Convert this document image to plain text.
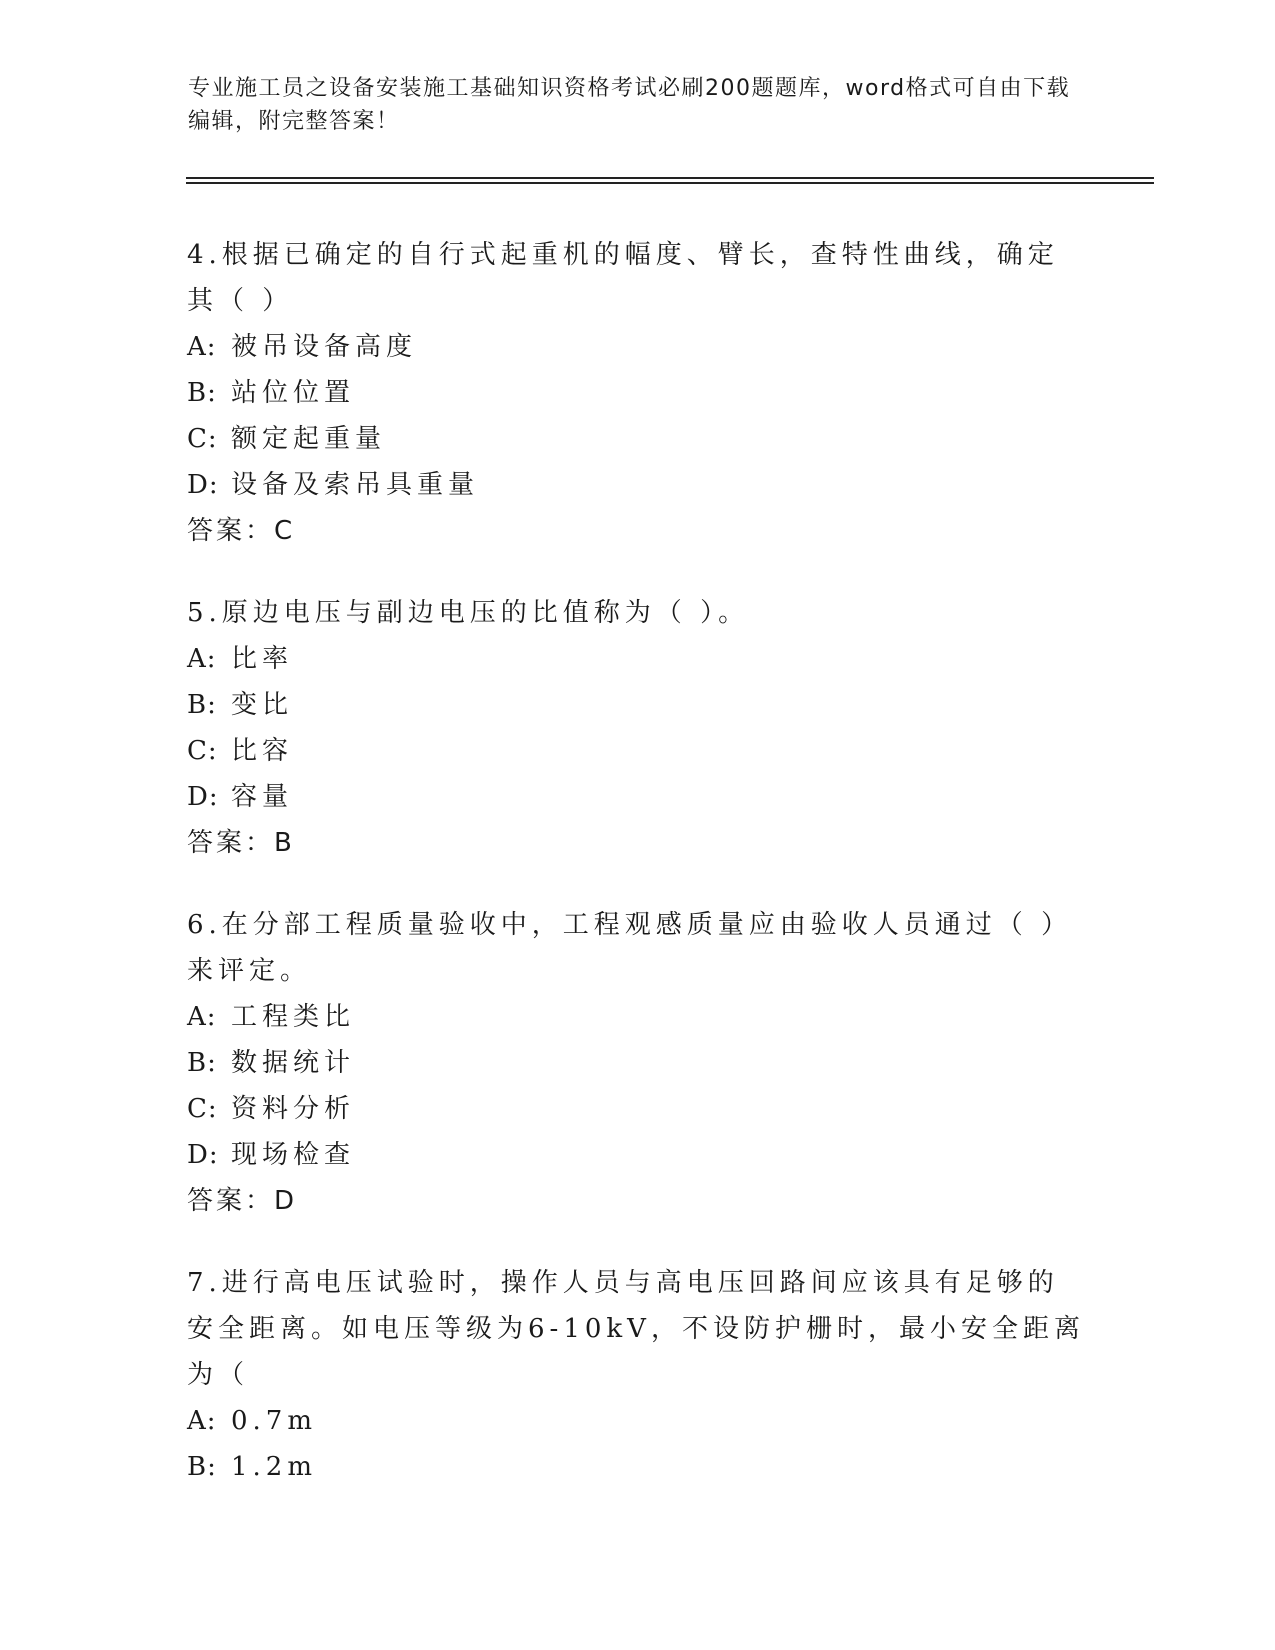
专业施工员之设备安装施工基础知识资格考试必刷200题题库，word格式可自由下载编辑，附完整答案！

4.根据已确定的自行式起重机的幅度、臂长，查特性曲线，确定其（ ）

A: 被吊设备高度

B: 站位位置

C: 额定起重量

D: 设备及索吊具重量

答案：C

5.原边电压与副边电压的比值称为（ ）。

A: 比率

B: 变比

C: 比容

D: 容量

答案：B

6.在分部工程质量验收中，工程观感质量应由验收人员通过（ ）来评定。

A: 工程类比

B: 数据统计

C: 资料分析

D: 现场检查

答案：D

7.进行高电压试验时，操作人员与高电压回路间应该具有足够的安全距离。如电压等级为6-10kV，不设防护栅时，最小安全距离为（

A: 0.7m

B: 1.2m
